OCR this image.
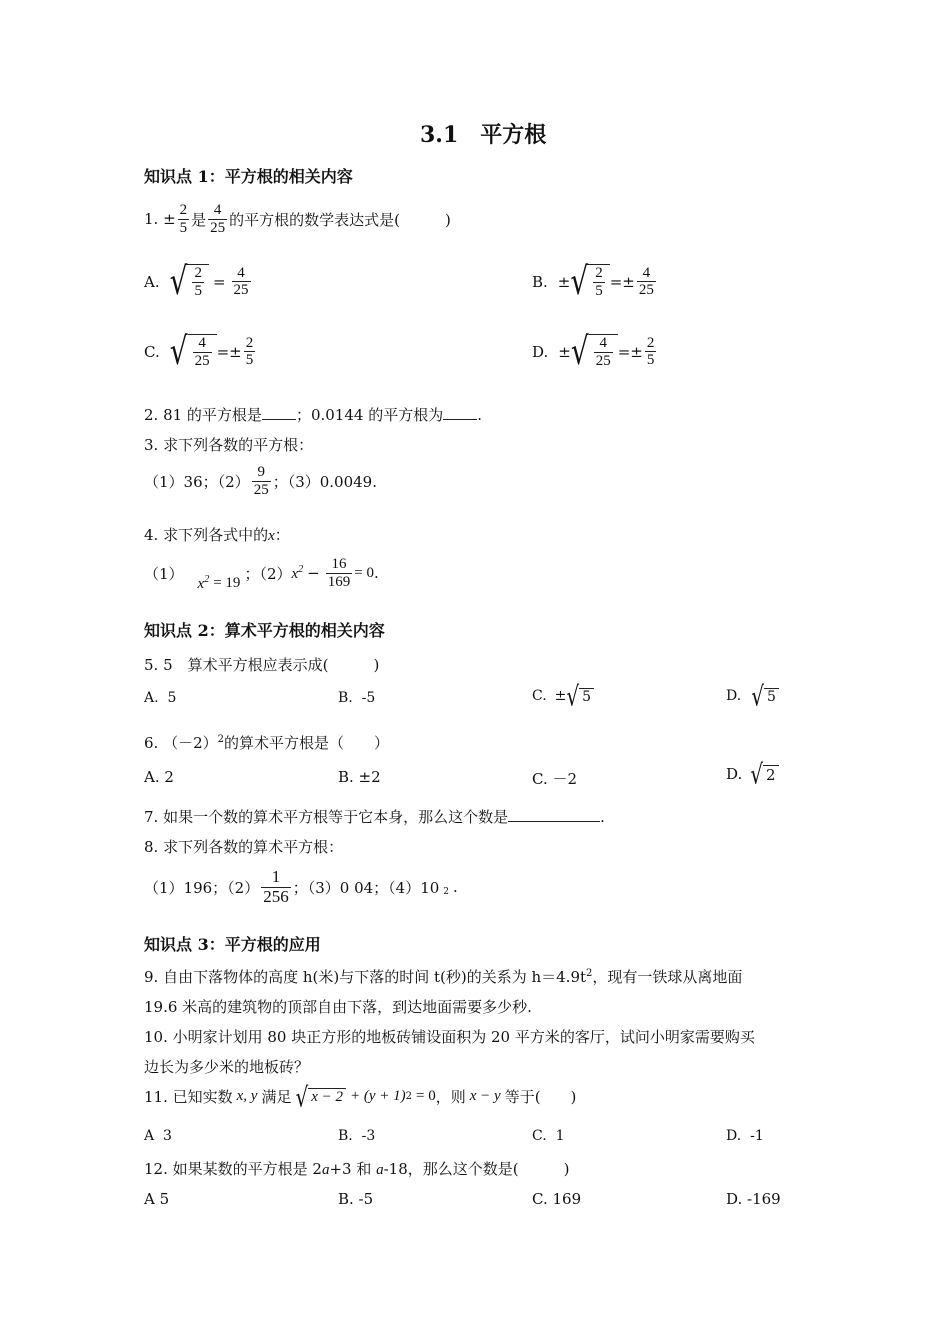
3.1　平方根
知识点 1：平方根的相关内容
1. ± $\frac{2}{5}$ 是 $\frac{4}{25}$ 的平方根的数学表达式是(　　　)
A. √ $\frac{2}{5} = \frac{4}{25}$	B. ± √ $\frac{2}{5} =\pm \frac{4}{25}$
C. √ $\frac{4}{25} =\pm \frac{2}{5}$	D. ± √ $\frac{4}{25} =\pm \frac{2}{5}$
2. 81 的平方根是 ；0.0144 的平方根为 .
3. 求下列各数的平方根：
（1）36；$(2) \frac{9}{25}$ ；（3）0.0049.
4. 求下列各式中的x：
（1）
$x^2 = 19$ ；（2） $x^2 - \frac{16}{169} = 0$ .
知识点 2：算术平方根的相关内容
5. 5　算术平方根应表示成(　　　)
A. 5	B. -5	C. ± √ 5	D. √ 5
6. $(-2)^2$的算术平方根是（　　）
A. 2	B. ±2	C. －2	D. √ 2
7. 如果一个数的算术平方根等于它本身，那么这个数是	.
8. 求下列各数的算术平方根：
（1）196；$(2) \frac{1}{256}$ ；（3）0 04；（4）10 2 .
知识点 3：平方根的应用
9. 自由下落物体的高度 h(米)与下落的时间 t(秒)的关系为 $h=4.9t^2$，现有一铁球从离地面
19.6 米高的建筑物的顶部自由下落，到达地面需要多少秒.
10. 小明家计划用 80 块正方形的地板砖铺设面积为 20 平方米的客厅，试问小明家需要购买
边长为多少米的地板砖？
11. 已知实数 x, y 满足 √ x − 2 + (y + 1) 2 = 0 ，则 x − y 等于(　　)
A 3	B. -3	C. 1	D. -1
12. 如果某数的平方根是 2a+3 和 a-18，那么这个数是(　　　)
A 5	B. -5	C. 169	D. -169
